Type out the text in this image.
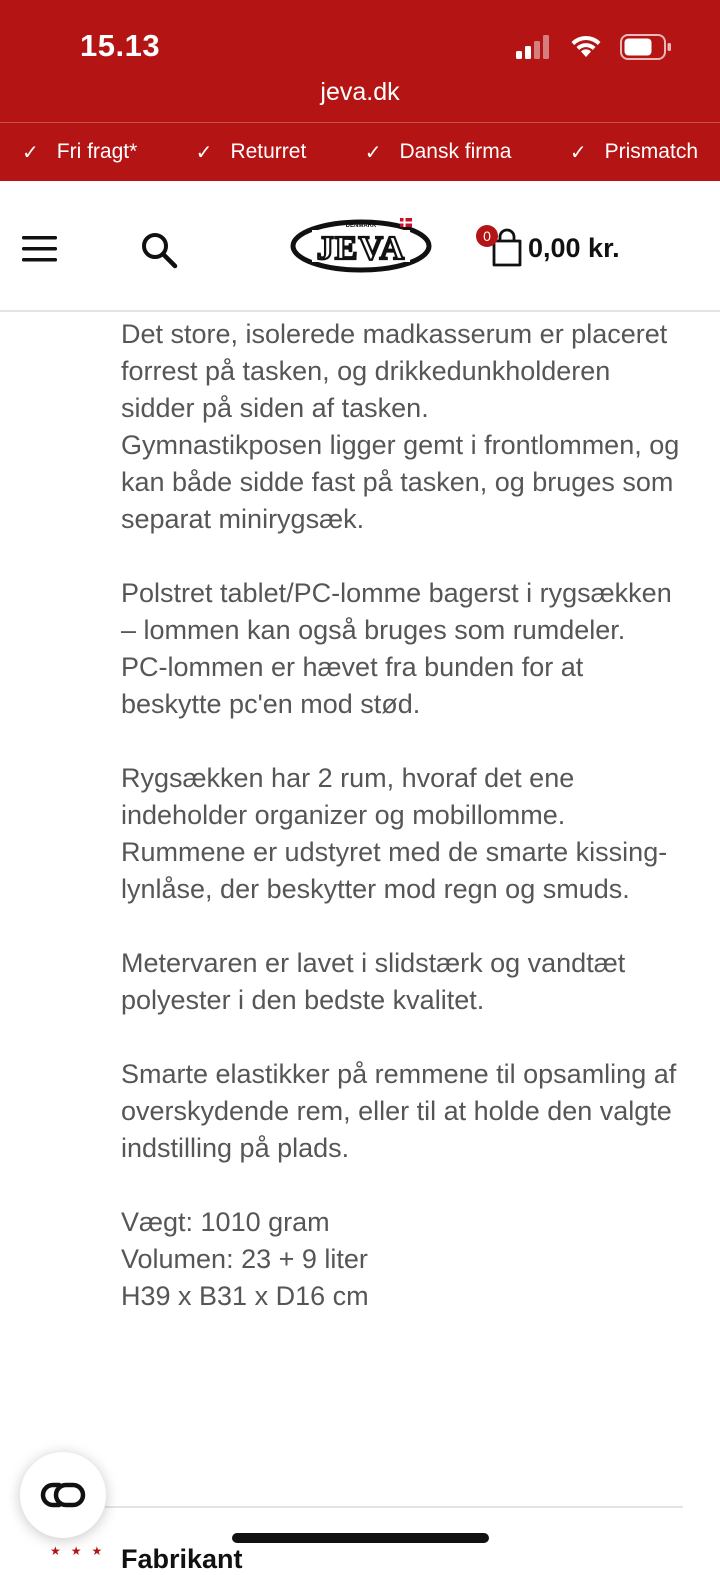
15.13
jeva.dk
✓ Fri fragt*	✓ Returret	✓ Dansk firma	✓ Prismatch
JEVA
DENMARK
SINCE 1956
0 0,00 kr.

Det store, isolerede madkasserum er placeret forrest på tasken, og drikkedunkholderen sidder på siden af tasken.

Gymnastikposen ligger gemt i frontlommen, og kan både sidde fast på tasken, og bruges som separat minirygsæk.

Polstret tablet/PC-lomme bagerst i rygsækken – lommen kan også bruges som rumdeler.

PC-lommen er hævet fra bunden for at beskytte pc'en mod stød.

Rygsækken har 2 rum, hvoraf det ene indeholder organizer og mobillomme.

Rummene er udstyret med de smarte kissing-lynlåse, der beskytter mod regn og smuds.

Metervaren er lavet i slidstærk og vandtæt polyester i den bedste kvalitet.

Smarte elastikker på remmene til opsamling af overskydende rem, eller til at holde den valgte indstilling på plads.

Vægt: 1010 gram

Volumen: 23 + 9 liter

H39 x B31 x D16 cm

★★★ Fabrikant
